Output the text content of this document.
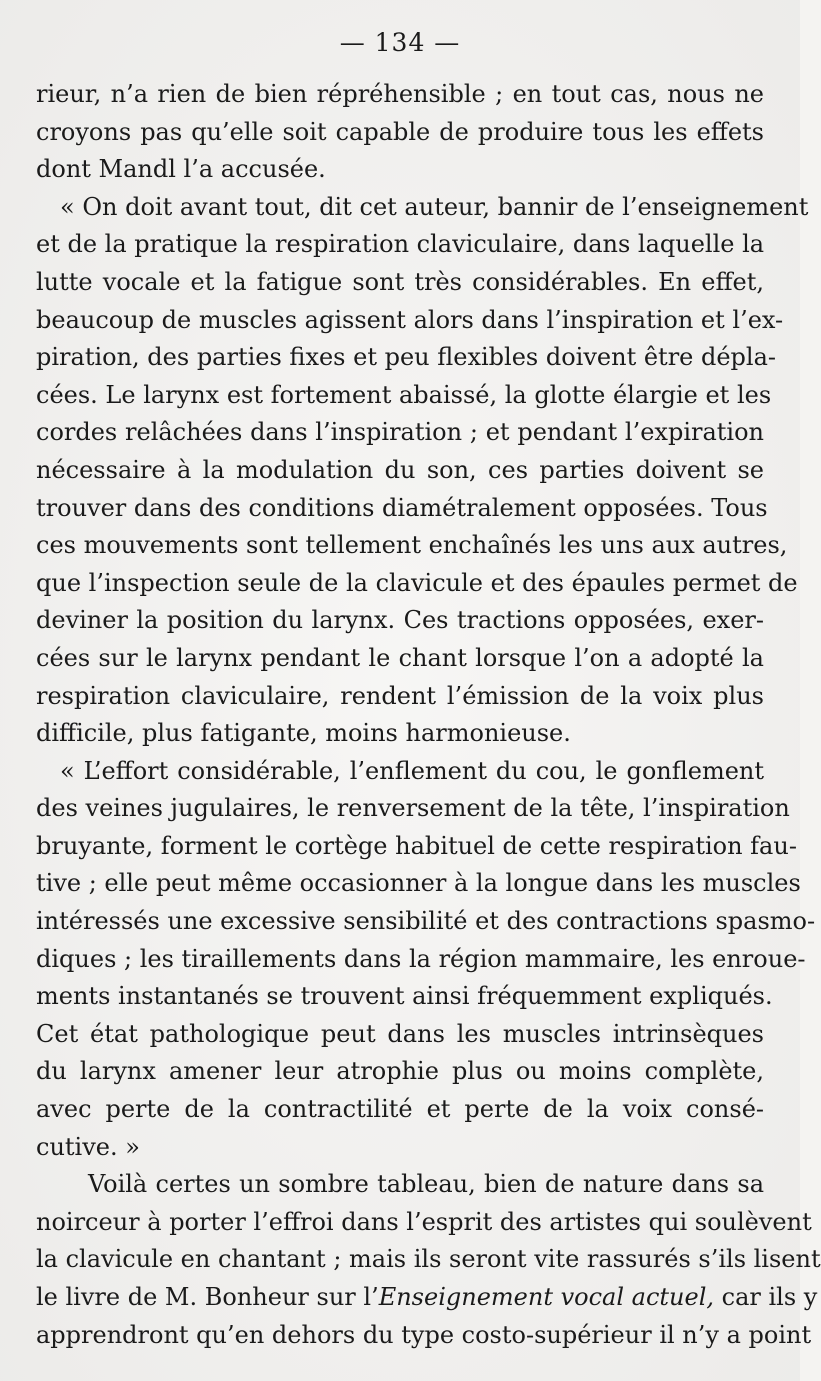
— 134 —
rieur, n’a rien de bien répréhensible ; en tout cas, nous ne
croyons pas qu’elle soit capable de produire tous les effets
dont Mandl l’a accusée.
« On doit avant tout, dit cet auteur, bannir de l’enseignement
et de la pratique la respiration claviculaire, dans laquelle la
lutte vocale et la fatigue sont très considérables. En effet,
beaucoup de muscles agissent alors dans l’inspiration et l’ex-
piration, des parties fixes et peu flexibles doivent être dépla-
cées. Le larynx est fortement abaissé, la glotte élargie et les
cordes relâchées dans l’inspiration ; et pendant l’expiration
nécessaire à la modulation du son, ces parties doivent se
trouver dans des conditions diamétralement opposées. Tous
ces mouvements sont tellement enchaînés les uns aux autres,
que l’inspection seule de la clavicule et des épaules permet de
deviner la position du larynx. Ces tractions opposées, exer-
cées sur le larynx pendant le chant lorsque l’on a adopté la
respiration claviculaire, rendent l’émission de la voix plus
difficile, plus fatigante, moins harmonieuse.
« L’effort considérable, l’enflement du cou, le gonflement
des veines jugulaires, le renversement de la tête, l’inspiration
bruyante, forment le cortège habituel de cette respiration fau-
tive ; elle peut même occasionner à la longue dans les muscles
intéressés une excessive sensibilité et des contractions spasmo-
diques ; les tiraillements dans la région mammaire, les enroue-
ments instantanés se trouvent ainsi fréquemment expliqués.
Cet état pathologique peut dans les muscles intrinsèques
du larynx amener leur atrophie plus ou moins complète,
avec perte de la contractilité et perte de la voix consé-
cutive. »
Voilà certes un sombre tableau, bien de nature dans sa
noirceur à porter l’effroi dans l’esprit des artistes qui soulèvent
la clavicule en chantant ; mais ils seront vite rassurés s’ils lisent
le livre de M. Bonheur sur l’Enseignement vocal actuel, car ils y
apprendront qu’en dehors du type costo-supérieur il n’y a point
